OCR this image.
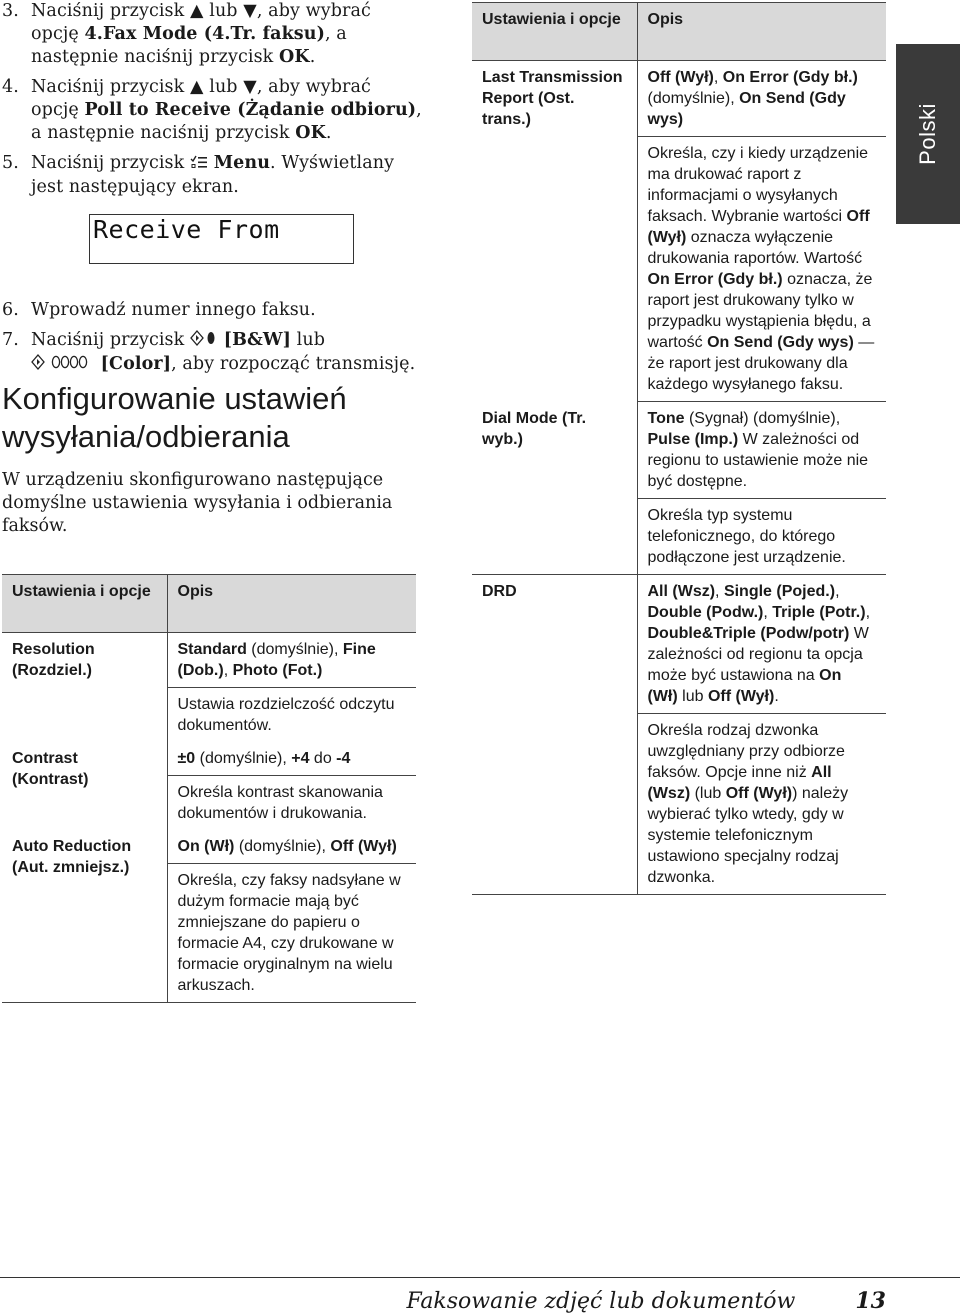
3. Naciśnij przycisk ▲ lub ▼, aby wybrać opcję 4.Fax Mode (4.Tr. faksu), a następnie naciśnij przycisk OK.
4. Naciśnij przycisk ▲ lub ▼, aby wybrać opcję Poll to Receive (Żądanie odbioru), a następnie naciśnij przycisk OK.
5. Naciśnij przycisk  Menu. Wyświetlany jest następujący ekran.
6. Wprowadź numer innego faksu.
7. Naciśnij przycisk  [B&W] lub
[Color], aby rozpocząć transmisję.
Receive From
Konfigurowanie ustawień wysyłania/odbierania

W urządzeniu skonfigurowano następujące domyślne ustawienia wysyłania i odbierania faksów.

Ustawienia i opcje	Opis
Resolution (Rozdziel.)	Standard (domyślnie), Fine (Dob.), Photo (Fot.)
	Ustawia rozdzielczość odczytu dokumentów.
Contrast (Kontrast)	±0 (domyślnie), +4 do -4
	Określa kontrast skanowania dokumentów i drukowania.
Auto Reduction (Aut. zmniejsz.)	On (Wł) (domyślnie), Off (Wył)
	Określa, czy faksy nadsyłane w dużym formacie mają być zmniejszane do papieru o formacie A4, czy drukowane w formacie oryginalnym na wielu arkuszach.
Ustawienia i opcje	Opis
Last Transmission Report (Ost. trans.)	Off (Wył), On Error (Gdy bł.) (domyślnie), On Send (Gdy wys)
	Określa, czy i kiedy urządzenie ma drukować raport z informacjami o wysyłanych faksach. Wybranie wartości Off (Wył) oznacza wyłączenie drukowania raportów. Wartość On Error (Gdy bł.) oznacza, że raport jest drukowany tylko w przypadku wystąpienia błędu, a wartość On Send (Gdy wys) — że raport jest drukowany dla każdego wysyłanego faksu.
Dial Mode (Tr. wyb.)	Tone (Sygnał) (domyślnie), Pulse (Imp.) W zależności od regionu to ustawienie może nie być dostępne.
	Określa typ systemu telefonicznego, do którego podłączone jest urządzenie.
DRD	All (Wsz), Single (Pojed.), Double (Podw.), Triple (Potr.), Double&Triple (Podw/potr) W zależności od regionu ta opcja może być ustawiona na On (Wł) lub Off (Wył).
	Określa rodzaj dzwonka uwzględniany przy odbiorze faksów. Opcje inne niż All (Wsz) (lub Off (Wył)) należy wybierać tylko wtedy, gdy w systemie telefonicznym ustawiono specjalny rodzaj dzwonka.
Polski
Faksowanie zdjęć lub dokumentów	13
